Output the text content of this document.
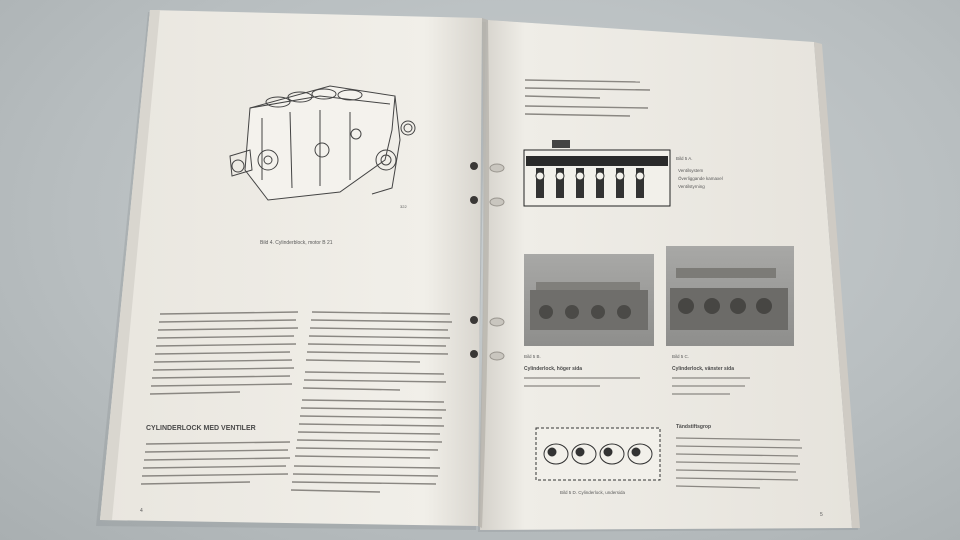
322
Bild 4. Cylinderblock, motor B 21
CYLINDERLOCK MED VENTILER
4
Bild 5 A.
Ventilsystem
Överliggande kamaxel
Ventilstyrning
Bild 5 B.
Cylinderlock, höger sida
Bild 5 C.
Cylinderlock, vänster sida
Bild 5 D. Cylinderlock, undersida
Tändstiftsgrop
5
